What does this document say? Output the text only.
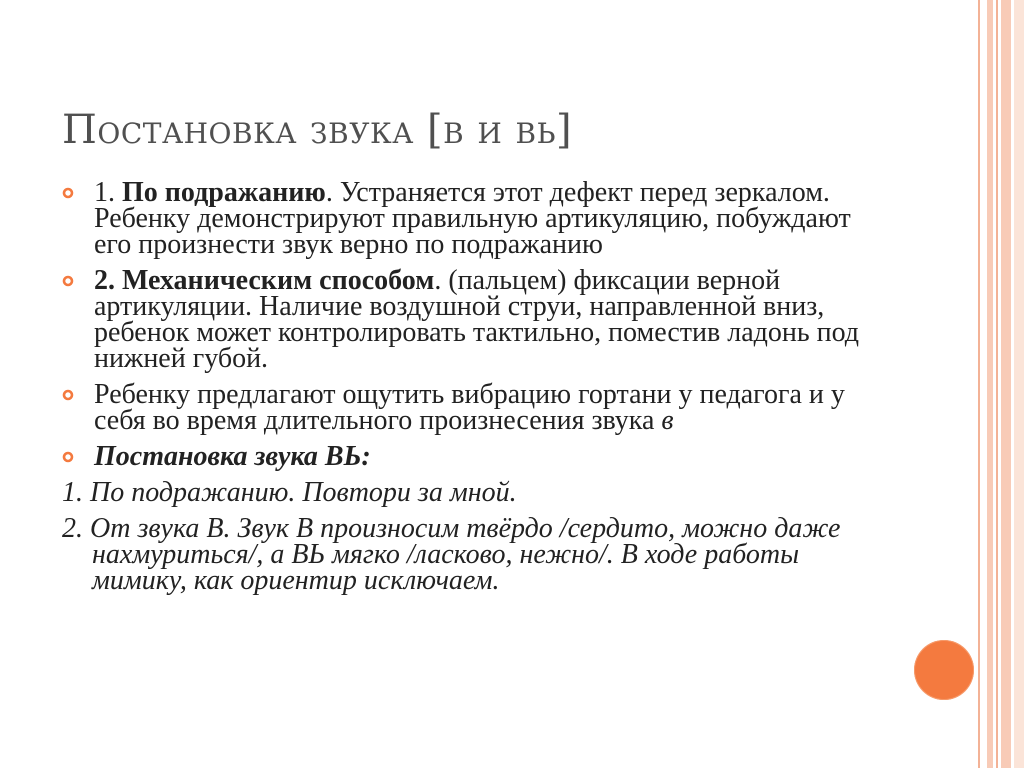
Постановка звука [в и вь]
1. По подражанию. Устраняется этот дефект перед зеркалом. Ребенку демонстрируют правильную артикуляцию, побуждают его произнести звук верно по подражанию
2. Механическим способом. (пальцем) фиксации верной артикуляции. Наличие воздушной струи, направленной вниз, ребенок может контролировать тактильно, поместив ладонь под нижней губой.
Ребенку предлагают ощутить вибрацию гортани у педагога и у себя во время длительного произнесения звука в
Постановка звука ВЬ:
1. По подражанию. Повтори за мной.
2. От звука В. Звук В произносим твёрдо /сердито, можно даже нахмуриться/, а ВЬ мягко /ласково, нежно/. В ходе работы мимику, как ориентир исключаем.
